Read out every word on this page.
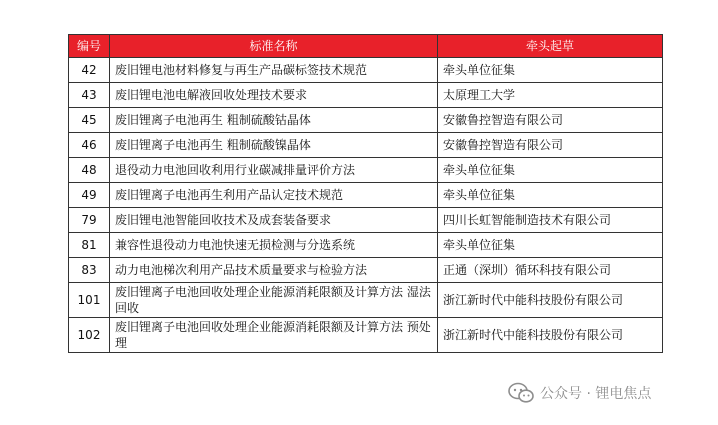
编号	标准名称	牵头起草
42	废旧锂电池材料修复与再生产品碳标签技术规范	牵头单位征集
43	废旧锂电池电解液回收处理技术要求	太原理工大学
45	废旧锂离子电池再生 粗制硫酸钴晶体	安徽鲁控智造有限公司
46	废旧锂离子电池再生 粗制硫酸镍晶体	安徽鲁控智造有限公司
48	退役动力电池回收利用行业碳减排量评价方法	牵头单位征集
49	废旧锂离子电池再生利用产品认定技术规范	牵头单位征集
79	废旧锂电池智能回收技术及成套装备要求	四川长虹智能制造技术有限公司
81	兼容性退役动力电池快速无损检测与分选系统	牵头单位征集
83	动力电池梯次利用产品技术质量要求与检验方法	正通（深圳）循环科技有限公司
101	废旧锂离子电池回收处理企业能源消耗限额及计算方法 湿法回收	浙江新时代中能科技股份有限公司
102	废旧锂离子电池回收处理企业能源消耗限额及计算方法 预处理	浙江新时代中能科技股份有限公司
公众号 · 锂电焦点
